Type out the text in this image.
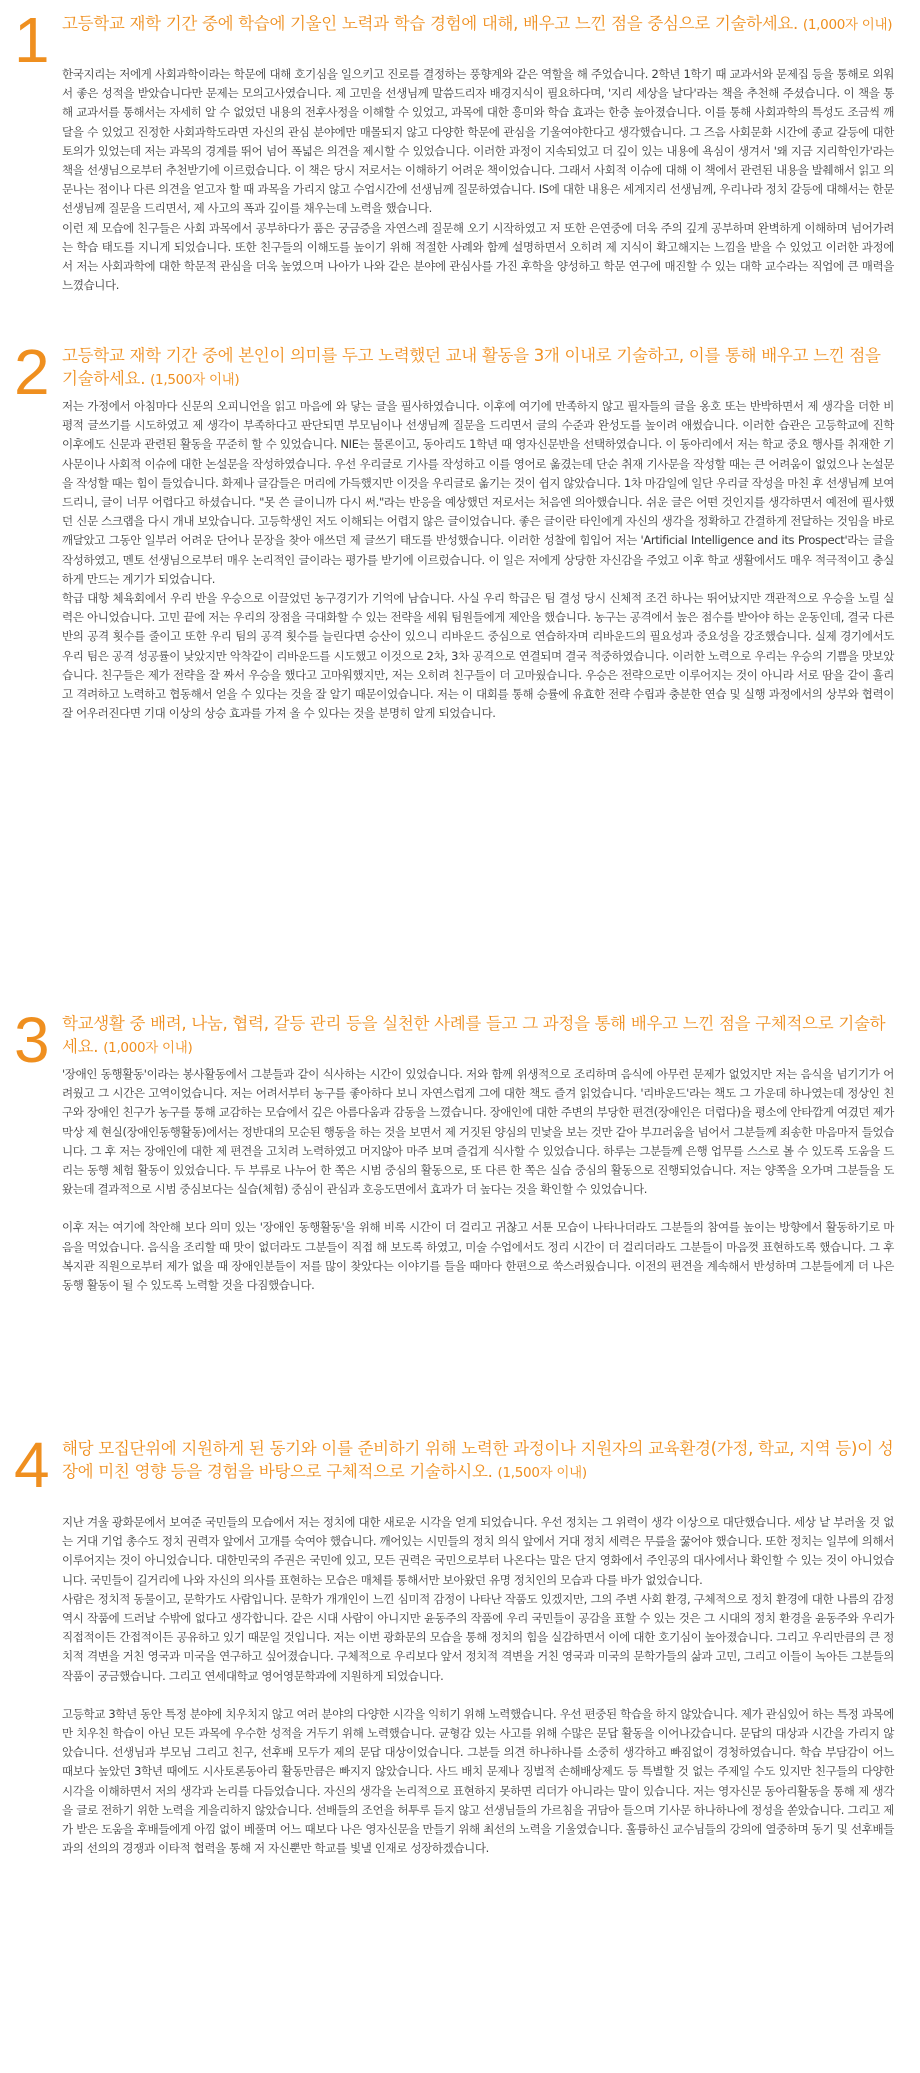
1 고등학교 재학 기간 중에 학습에 기울인 노력과 학습 경험에 대해, 배우고 느낀 점을 중심으로 기술하세요. (1,000자 이내)

한국지리는 저에게 사회과학이라는 학문에 대해 호기심을 일으키고 진로를 결정하는 풍향계와 같은 역할을 해 주었습니다. 2학년 1학기 때 교과서와 문제집 등을 통해로 외워서 좋은 성적을 받았습니다만 문제는 모의고사였습니다. 제 고민을 선생님께 말씀드리자 배경지식이 필요하다며, '지리 세상을 날다'라는 책을 추천해 주셨습니다. 이 책을 통해 교과서를 통해서는 자세히 알 수 없었던 내용의 전후사정을 이해할 수 있었고, 과목에 대한 흥미와 학습 효과는 한층 높아졌습니다. 이를 통해 사회과학의 특성도 조금씩 깨달을 수 있었고 진정한 사회과학도라면 자신의 관심 분야에만 매몰되지 않고 다양한 학문에 관심을 기울여야한다고 생각했습니다. 그 즈음 사회문화 시간에 종교 갈등에 대한 토의가 있었는데 저는 과목의 경계를 뛰어 넘어 폭넓은 의견을 제시할 수 있었습니다. 이러한 과정이 지속되었고 더 깊이 있는 내용에 욕심이 생겨서 '왜 지금 지리학인가'라는 책을 선생님으로부터 추천받기에 이르렀습니다. 이 책은 당시 저로서는 이해하기 어려운 책이었습니다. 그래서 사회적 이슈에 대해 이 책에서 관련된 내용을 발췌해서 읽고 의문나는 점이나 다른 의견을 얻고자 할 때 과목을 가리지 않고 수업시간에 선생님께 질문하였습니다. IS에 대한 내용은 세계지리 선생님께, 우리나라 정치 갈등에 대해서는 한문 선생님께 질문을 드리면서, 제 사고의 폭과 깊이를 채우는데 노력을 했습니다.

이런 제 모습에 친구들은 사회 과목에서 공부하다가 품은 궁금증을 자연스레 질문해 오기 시작하였고 저 또한 은연중에 더욱 주의 깊게 공부하며 완벽하게 이해하며 넘어가려는 학습 태도를 지니게 되었습니다. 또한 친구들의 이해도를 높이기 위해 적절한 사례와 함께 설명하면서 오히려 제 지식이 확고해지는 느낌을 받을 수 있었고 이러한 과정에서 저는 사회과학에 대한 학문적 관심을 더욱 높였으며 나아가 나와 같은 분야에 관심사를 가진 후학을 양성하고 학문 연구에 매진할 수 있는 대학 교수라는 직업에 큰 매력을 느꼈습니다.

2 고등학교 재학 기간 중에 본인이 의미를 두고 노력했던 교내 활동을 3개 이내로 기술하고, 이를 통해 배우고 느낀 점을 기술하세요. (1,500자 이내)

저는 가정에서 아침마다 신문의 오피니언을 읽고 마음에 와 닿는 글을 필사하였습니다. 이후에 여기에 만족하지 않고 필자들의 글을 옹호 또는 반박하면서 제 생각을 더한 비평적 글쓰기를 시도하였고 제 생각이 부족하다고 판단되면 부모님이나 선생님께 질문을 드리면서 글의 수준과 완성도를 높이려 애썼습니다. 이러한 습관은 고등학교에 진학 이후에도 신문과 관련된 활동을 꾸준히 할 수 있었습니다. NIE는 물론이고, 동아리도 1학년 때 영자신문반을 선택하였습니다. 이 동아리에서 저는 학교 중요 행사를 취재한 기사문이나 사회적 이슈에 대한 논설문을 작성하였습니다. 우선 우리글로 기사를 작성하고 이를 영어로 옮겼는데 단순 취재 기사문을 작성할 때는 큰 어려움이 없었으나 논설문을 작성할 때는 힘이 들었습니다. 화제나 글감들은 머리에 가득했지만 이것을 우리글로 옮기는 것이 쉽지 않았습니다. 1차 마감일에 일단 우리글 작성을 마친 후 선생님께 보여드리니, 글이 너무 어렵다고 하셨습니다. "못 쓴 글이니까 다시 써."라는 반응을 예상했던 저로서는 처음엔 의아했습니다. 쉬운 글은 어떤 것인지를 생각하면서 예전에 필사했던 신문 스크랩을 다시 개내 보았습니다. 고등학생인 저도 이해되는 어렵지 않은 글이었습니다. 좋은 글이란 타인에게 자신의 생각을 정확하고 간결하게 전달하는 것임을 바로 깨달았고 그동안 일부러 어려운 단어나 문장을 찾아 애쓰던 제 글쓰기 태도를 반성했습니다. 이러한 성찰에 힘입어 저는 'Artificial Intelligence and its Prospect'라는 글을 작성하였고, 멘토 선생님으로부터 매우 논리적인 글이라는 평가를 받기에 이르렀습니다. 이 일은 저에게 상당한 자신감을 주었고 이후 학교 생활에서도 매우 적극적이고 충실하게 만드는 계기가 되었습니다.

학급 대항 체육회에서 우리 반을 우승으로 이끌었던 농구경기가 기억에 남습니다. 사실 우리 학급은 팀 결성 당시 신체적 조건 하나는 뛰어났지만 객관적으로 우승을 노릴 실력은 아니었습니다. 고민 끝에 저는 우리의 장점을 극대화할 수 있는 전략을 세워 팀원들에게 제안을 했습니다. 농구는 공격에서 높은 점수를 받아야 하는 운동인데, 결국 다른 반의 공격 횟수를 줄이고 또한 우리 팀의 공격 횟수를 늘린다면 승산이 있으니 리바운드 중심으로 연습하자며 리바운드의 필요성과 중요성을 강조했습니다. 실제 경기에서도 우리 팀은 공격 성공률이 낮았지만 악착같이 리바운드를 시도했고 이것으로 2차, 3차 공격으로 연결되며 결국 적중하였습니다. 이러한 노력으로 우리는 우승의 기쁨을 맛보았습니다. 친구들은 제가 전략을 잘 짜서 우승을 했다고 고마워했지만, 저는 오히려 친구들이 더 고마웠습니다. 우승은 전략으로만 이루어지는 것이 아니라 서로 땀을 같이 흘리고 격려하고 노력하고 협동해서 얻을 수 있다는 것을 잘 알기 때문이었습니다. 저는 이 대회를 통해 승률에 유효한 전략 수립과 충분한 연습 및 실행 과정에서의 상부와 협력이 잘 어우러진다면 기대 이상의 상승 효과를 가져 올 수 있다는 것을 분명히 알게 되었습니다.

3 학교생활 중 배려, 나눔, 협력, 갈등 관리 등을 실천한 사례를 들고 그 과정을 통해 배우고 느낀 점을 구체적으로 기술하세요. (1,000자 이내)

'장애인 동행활동'이라는 봉사활동에서 그분들과 같이 식사하는 시간이 있었습니다. 저와 함께 위생적으로 조리하며 음식에 아무런 문제가 없었지만 저는 음식을 넘기기가 어려웠고 그 시간은 고역이었습니다. 저는 어려서부터 농구를 좋아하다 보니 자연스럽게 그에 대한 책도 즐겨 읽었습니다. '리바운드'라는 책도 그 가운데 하나였는데 정상인 친구와 장애인 친구가 농구를 통해 교감하는 모습에서 깊은 아름다움과 감동을 느꼈습니다. 장애인에 대한 주변의 부당한 편견(장애인은 더럽다)을 평소에 안타깝게 여겼던 제가 막상 제 현실(장애인동행활동)에서는 정반대의 모순된 행동을 하는 것을 보면서 제 거짓된 양심의 민낯을 보는 것만 같아 부끄러움을 넘어서 그분들께 죄송한 마음마저 들었습니다. 그 후 저는 장애인에 대한 제 편견을 고치려 노력하였고 머지않아 마주 보며 즐겁게 식사할 수 있었습니다. 하루는 그분들께 은행 업무를 스스로 볼 수 있도록 도움을 드리는 동행 체험 활동이 있었습니다. 두 부류로 나누어 한 쪽은 시범 중심의 활동으로, 또 다른 한 쪽은 실습 중심의 활동으로 진행되었습니다. 저는 양쪽을 오가며 그분들을 도왔는데 결과적으로 시범 중심보다는 실습(체험) 중심이 관심과 호응도면에서 효과가 더 높다는 것을 확인할 수 있었습니다.

이후 저는 여기에 착안해 보다 의미 있는 '장애인 동행활동'을 위해 비록 시간이 더 걸리고 귀찮고 서툰 모습이 나타나더라도 그분들의 참여를 높이는 방향에서 활동하기로 마음을 먹었습니다. 음식을 조리할 때 맛이 없더라도 그분들이 직접 해 보도록 하였고, 미술 수업에서도 정리 시간이 더 걸리더라도 그분들이 마음껏 표현하도록 했습니다. 그 후 복지관 직원으로부터 제가 없을 때 장애인분들이 저를 많이 찾았다는 이야기를 들을 때마다 한편으로 쑥스러웠습니다. 이전의 편견을 계속해서 반성하며 그분들에게 더 나은 동행 활동이 될 수 있도록 노력할 것을 다짐했습니다.

4 해당 모집단위에 지원하게 된 동기와 이를 준비하기 위해 노력한 과정이나 지원자의 교육환경(가정, 학교, 지역 등)이 성장에 미친 영향 등을 경험을 바탕으로 구체적으로 기술하시오. (1,500자 이내)

지난 겨울 광화문에서 보여준 국민들의 모습에서 저는 정치에 대한 새로운 시각을 얻게 되었습니다. 우선 정치는 그 위력이 생각 이상으로 대단했습니다. 세상 낱 부러울 것 없는 거대 기업 총수도 정치 권력자 앞에서 고개를 숙여야 했습니다. 깨어있는 시민들의 정치 의식 앞에서 거대 정치 세력은 무릎을 꿇어야 했습니다. 또한 정치는 일부에 의해서 이루어지는 것이 아니었습니다. 대한민국의 주권은 국민에 있고, 모든 권력은 국민으로부터 나온다는 말은 단지 영화에서 주인공의 대사에서나 확인할 수 있는 것이 아니었습니다. 국민들이 길거리에 나와 자신의 의사를 표현하는 모습은 매체를 통해서만 보아왔던 유명 정치인의 모습과 다를 바가 없었습니다.

사람은 정치적 동물이고, 문학가도 사람입니다. 문학가 개개인이 느낀 심미적 감정이 나타난 작품도 있겠지만, 그의 주변 사회 환경, 구체적으로 정치 환경에 대한 나름의 감정 역시 작품에 드러날 수밖에 없다고 생각합니다. 같은 시대 사람이 아니지만 윤동주의 작품에 우리 국민들이 공감을 표할 수 있는 것은 그 시대의 정치 환경을 윤동주와 우리가 직접적이든 간접적이든 공유하고 있기 때문일 것입니다. 저는 이번 광화문의 모습을 통해 정치의 힘을 실감하면서 이에 대한 호기심이 높아졌습니다. 그리고 우리만큼의 큰 정치적 격변을 거친 영국과 미국을 연구하고 싶어졌습니다. 구체적으로 우리보다 앞서 정치적 격변을 거친 영국과 미국의 문학가들의 삶과 고민, 그리고 이들이 녹아든 그분들의 작품이 궁금했습니다. 그리고 연세대학교 영어영문학과에 지원하게 되었습니다.

고등학교 3학년 동안 특정 분야에 치우치지 않고 여러 분야의 다양한 시각을 익히기 위해 노력했습니다. 우선 편중된 학습을 하지 않았습니다. 제가 관심있어 하는 특정 과목에만 치우친 학습이 아닌 모든 과목에 우수한 성적을 거두기 위해 노력했습니다. 균형감 있는 사고를 위해 수많은 문답 활동을 이어나갔습니다. 문답의 대상과 시간을 가리지 않았습니다. 선생님과 부모님 그리고 친구, 선후배 모두가 제의 문답 대상이었습니다. 그분들 의견 하나하나를 소중히 생각하고 빠짐없이 경청하였습니다. 학습 부담감이 어느 때보다 높았던 3학년 때에도 시사토론동아리 활동만큼은 빠지지 않았습니다. 사드 배치 문제나 징벌적 손해배상제도 등 특별할 것 없는 주제일 수도 있지만 친구들의 다양한 시각을 이해하면서 저의 생각과 논리를 다듬었습니다. 자신의 생각을 논리적으로 표현하지 못하면 리더가 아니라는 말이 있습니다. 저는 영자신문 동아리활동을 통해 제 생각을 글로 전하기 위한 노력을 게을리하지 않았습니다. 선배들의 조언을 허투루 듣지 않고 선생님들의 가르침을 귀담아 들으며 기사문 하나하나에 정성을 쏟았습니다. 그리고 제가 받은 도움을 후배들에게 아낌 없이 베풀며 어느 때보다 나은 영자신문을 만들기 위해 최선의 노력을 기울였습니다. 훌륭하신 교수님들의 강의에 열중하며 동기 및 선후배들과의 선의의 경쟁과 이타적 협력을 통해 저 자신뿐만 학교를 빛낼 인재로 성장하겠습니다.
